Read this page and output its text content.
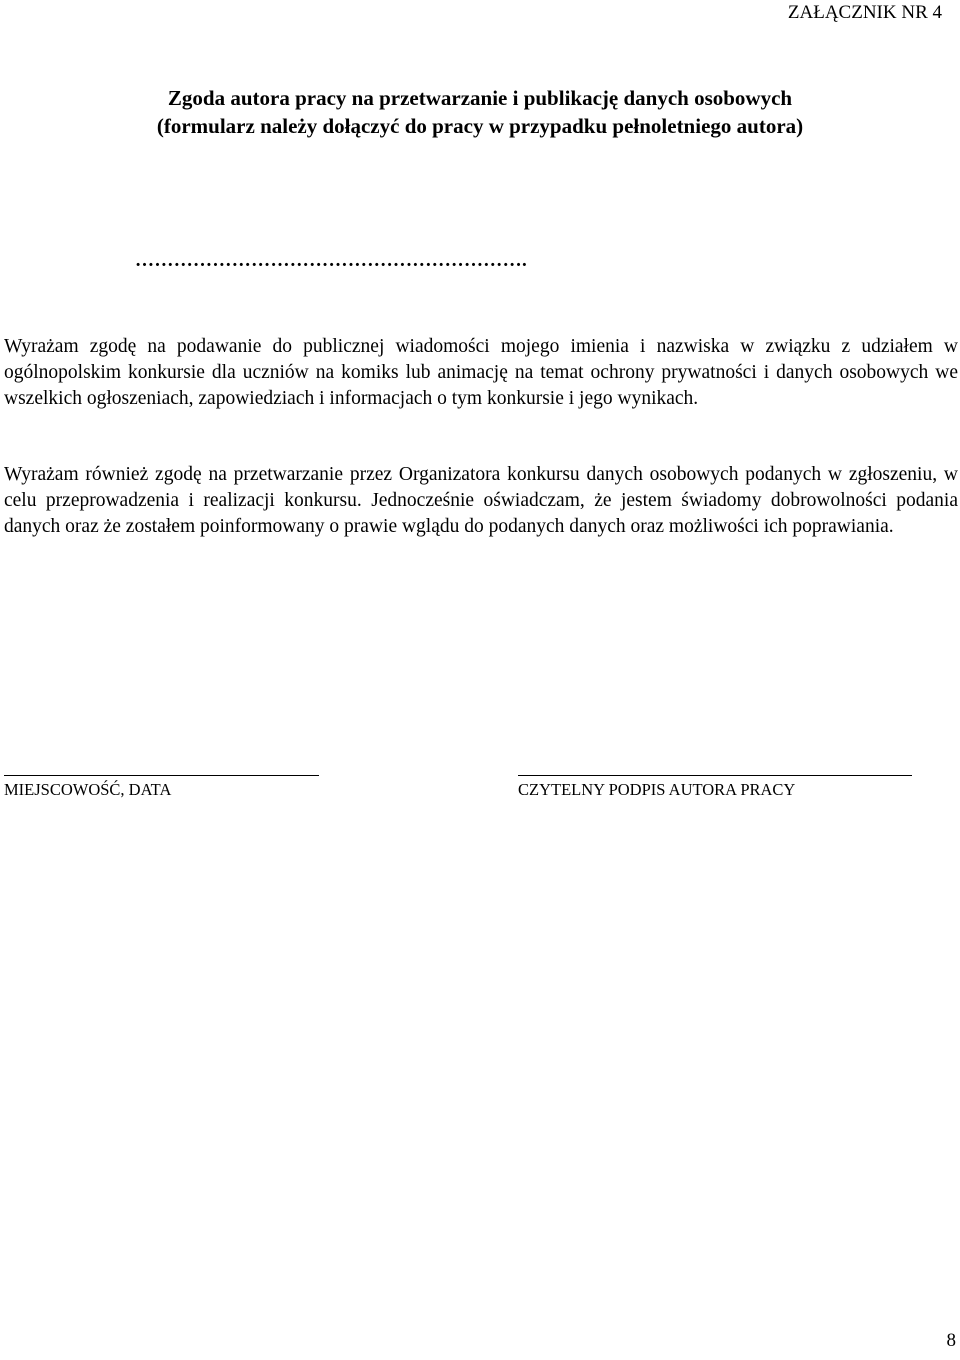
ZAŁĄCZNIK NR 4
Zgoda autora pracy na przetwarzanie i publikację danych osobowych
(formularz należy dołączyć do pracy w przypadku pełnoletniego autora)
…………………………………………………….

Wyrażam zgodę na podawanie do publicznej wiadomości mojego imienia i nazwiska w związku z udziałem w ogólnopolskim konkursie dla uczniów na komiks lub animację na temat ochrony prywatności i danych osobowych we wszelkich ogłoszeniach, zapowiedziach i informacjach o tym konkursie i jego wynikach.

Wyrażam również zgodę na przetwarzanie przez Organizatora konkursu danych osobowych podanych w zgłoszeniu, w celu przeprowadzenia i realizacji konkursu. Jednocześnie oświadczam, że jestem świadomy dobrowolności podania danych oraz że zostałem poinformowany o prawie wglądu do podanych danych oraz możliwości ich poprawiania.

MIEJSCOWOŚĆ, DATA	CZYTELNY PODPIS AUTORA PRACY
8
